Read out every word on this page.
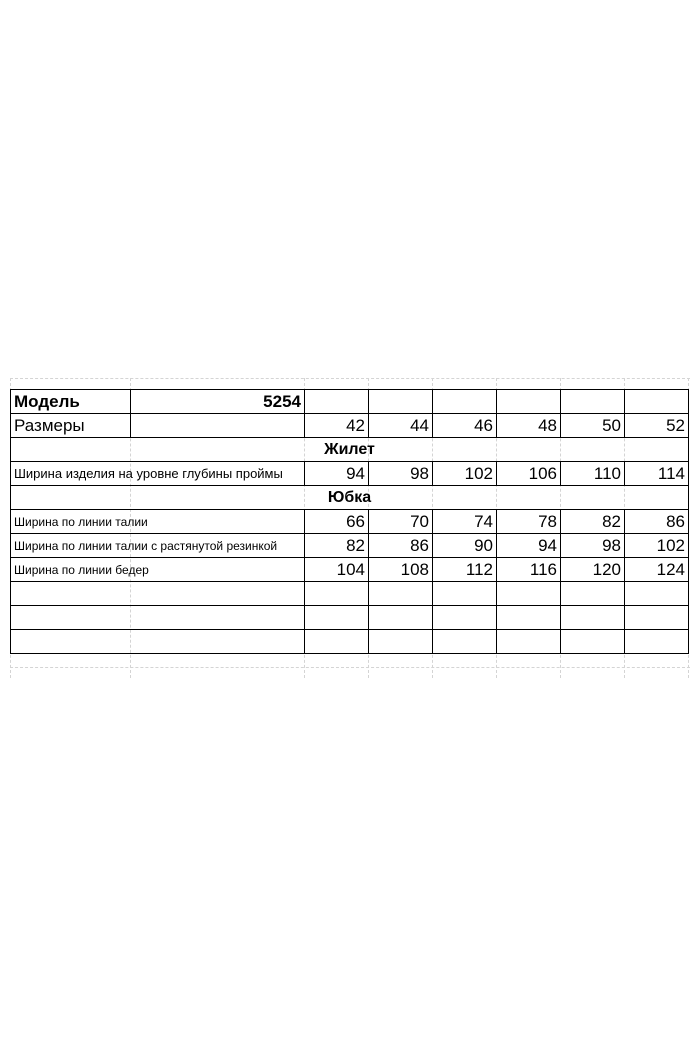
Модель	5254						
Размеры		42	44	46	48	50	52
Жилет							
Ширина изделия на уровне глубины проймы		94	98	102	106	110	114
Юбка							
Ширина по линии талии		66	70	74	78	82	86
Ширина по линии талии с растянутой резинкой		82	86	90	94	98	102
Ширина по линии бедер		104	108	112	116	120	124
